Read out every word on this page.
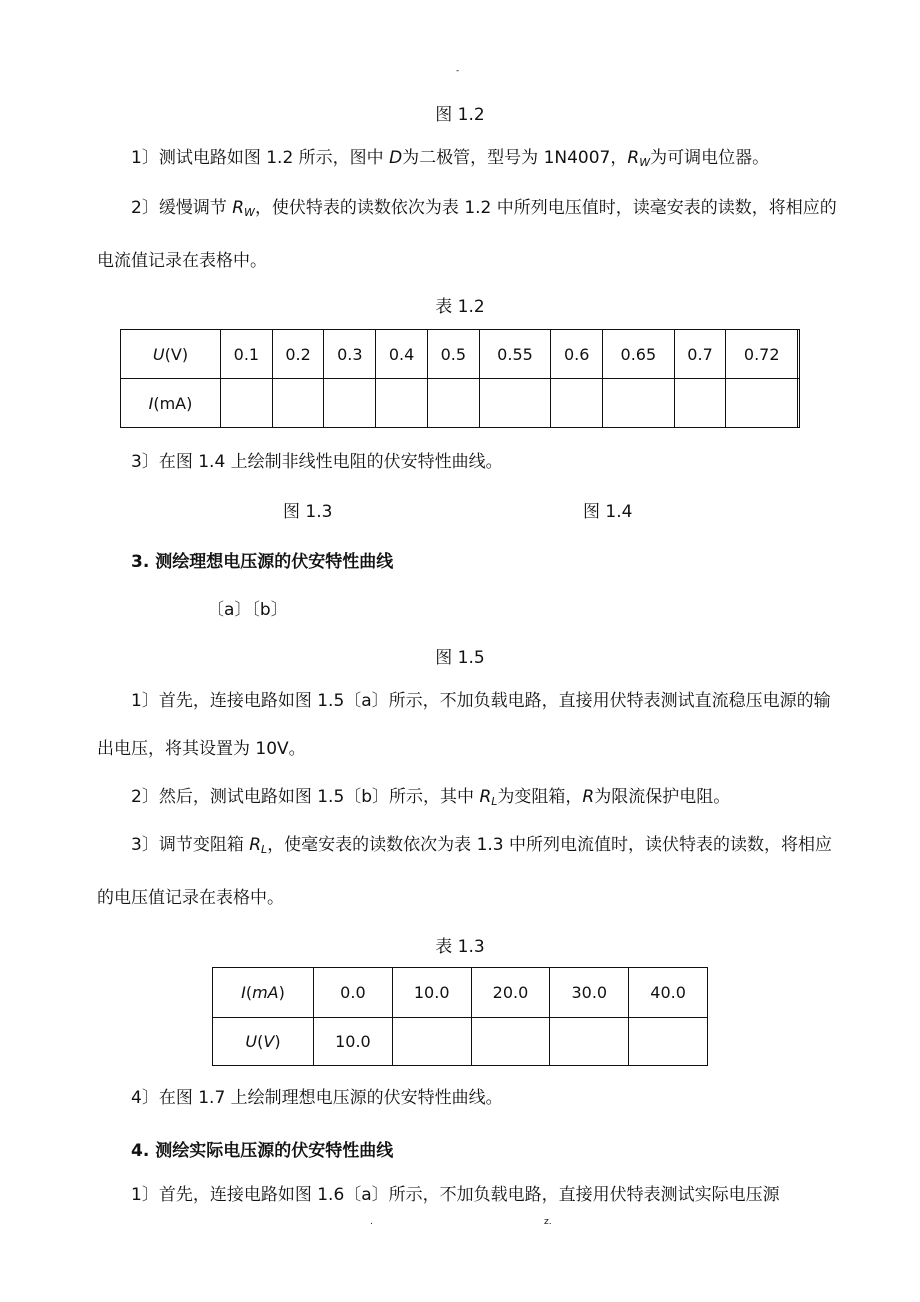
-
图 1.2
1〕测试电路如图 1.2 所示，图中 D为二极管，型号为 1N4007，$R_W$为可调电位器。
2〕缓慢调节 $R_W$，使伏特表的读数依次为表 1.2 中所列电压值时，读毫安表的读数，将相应的电流值记录在表格中。
表 1.2
U(V)	0.1	0.2	0.3	0.4	0.5	0.55	0.6	0.65	0.7	0.72	
I(mA)											
3〕在图 1.4 上绘制非线性电阻的伏安特性曲线。
图 1.3	图 1.4
3. 测绘理想电压源的伏安特性曲线
〔a〕〔b〕
图 1.5
1〕首先，连接电路如图 1.5〔a〕所示，不加负载电路，直接用伏特表测试直流稳压电源的输出电压，将其设置为 10V。
2〕然后，测试电路如图 1.5〔b〕所示，其中 $R_L$为变阻箱，R为限流保护电阻。
3〕调节变阻箱 $R_L$，使毫安表的读数依次为表 1.3 中所列电流值时，读伏特表的读数，将相应的电压值记录在表格中。
表 1.3
I(mA)	0.0	10.0	20.0	30.0	40.0
U(V)	10.0				
4〕在图 1.7 上绘制理想电压源的伏安特性曲线。
4. 测绘实际电压源的伏安特性曲线
1〕首先，连接电路如图 1.6〔a〕所示，不加负载电路，直接用伏特表测试实际电压源
.	z.
